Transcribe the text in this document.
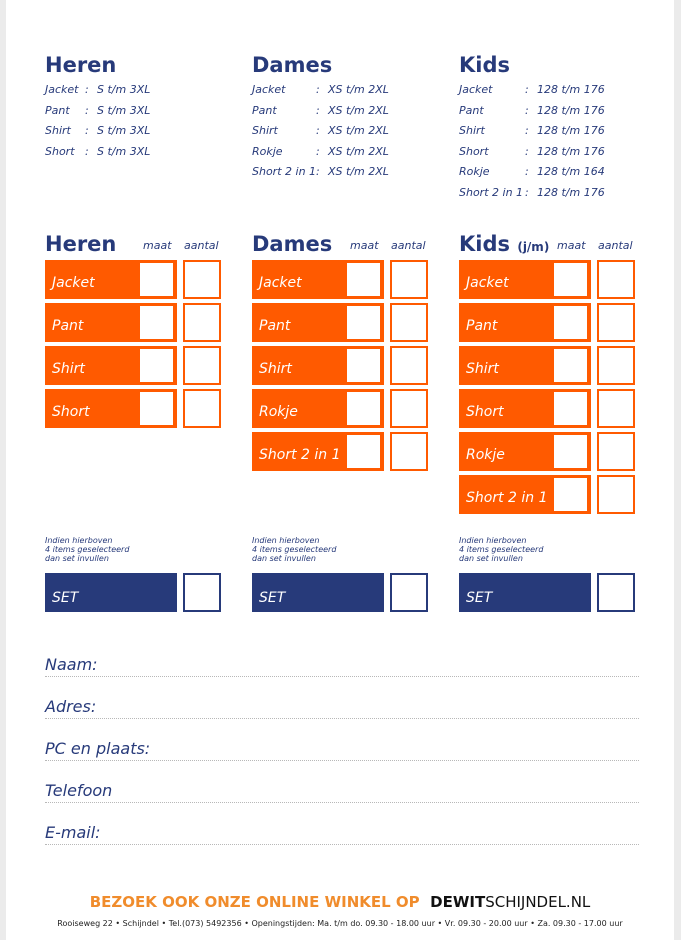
Heren
Jacket : S t/m 3XL
Pant : S t/m 3XL
Shirt : S t/m 3XL
Short : S t/m 3XL
Dames
Jacket	: XS t/m 2XL
Pant	: XS t/m 2XL
Shirt	: XS t/m 2XL
Rokje	: XS t/m 2XL
Short 2 in 1 : XS t/m 2XL
Kids
Jacket	: 128 t/m 176
Pant	: 128 t/m 176
Shirt	: 128 t/m 176
Short	: 128 t/m 176
Rokje	: 128 t/m 164
Short 2 in 1 : 128 t/m 176
Heren maat aantal
Jacket
Pant
Shirt
Short
Indien hierboven
4 items geselecteerd
dan set invullen
SET
Dames maat aantal
Jacket
Pant
Shirt
Rokje
Short 2 in 1
Indien hierboven
4 items geselecteerd
dan set invullen
SET
Kids (j/m) maat aantal
Jacket
Pant
Shirt
Short
Rokje
Short 2 in 1
Indien hierboven
4 items geselecteerd
dan set invullen
SET
Naam:
Adres:
PC en plaats:
Telefoon
E-mail:
BEZOEK OOK ONZE ONLINE WINKEL OP DEWITSCHIJNDEL.NL
Rooiseweg 22 • Schijndel • Tel.(073) 5492356 • Openingstijden: Ma. t/m do. 09.30 - 18.00 uur • Vr. 09.30 - 20.00 uur • Za. 09.30 - 17.00 uur
